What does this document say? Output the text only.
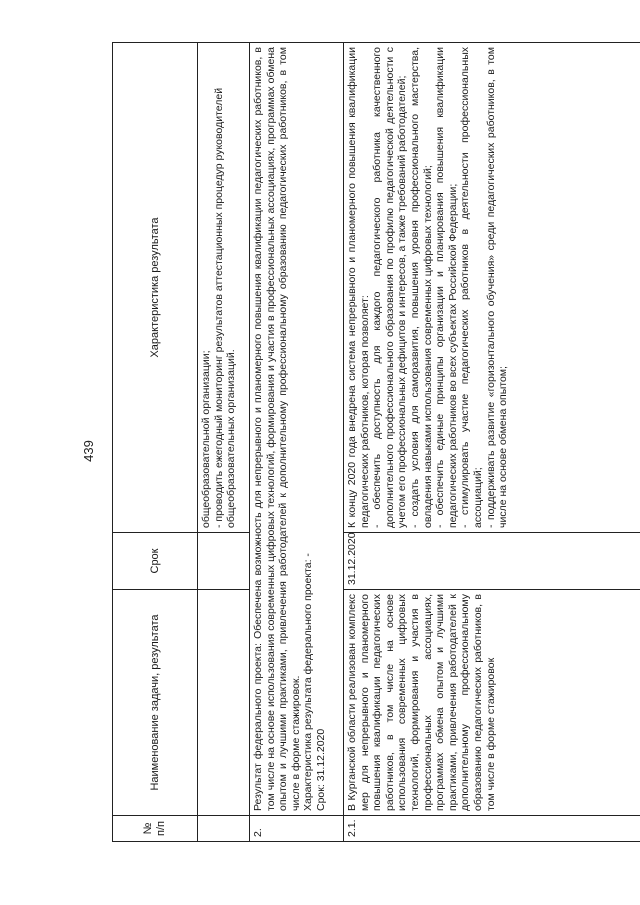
439
№ п/п
Наименование задачи, результата
Срок
Характеристика результата
общеобразовательной организации; - проводить ежегодный мониторинг результатов аттестационных процедур руководителей общеобразовательных организаций.
2.
Результат федерального проекта: Обеспечена возможность для непрерывного и планомерного повышения квалификации педагогических работников, в том числе на основе использования современных цифровых технологий, формирования и участия в профессиональных ассоциациях, программах обмена опытом и лучшими практиками, привлечения работодателей к дополнительному профессиональному образованию педагогических работников, в том числе в форме стажировок. Характеристика результата федерального проекта: - Срок: 31.12.2020
2.1.
В Курганской области реализован комплекс мер для непрерывного и планомерного повышения квалификации педагогических работников, в том числе на основе использования современных цифровых технологий, формирования и участия в профессиональных ассоциациях, программах обмена опытом и лучшими практиками, привлечения работодателей к дополнительному профессиональному образованию педагогических работников, в том числе в форме стажировок
31.12.2020
К концу 2020 года внедрена система непрерывного и планомерного повышения квалификации педагогических работников, которая позволяет: - обеспечить доступность для каждого педагогического работника качественного дополнительного профессионального образования по профилю педагогической деятельности с учетом его профессиональных дефицитов и интересов, а также требований работодателей; - создать условия для саморазвития, повышения уровня профессионального мастерства, овладения навыками использования современных цифровых технологий; - обеспечить единые принципы организации и планирования повышения квалификации педагогических работников во всех субъектах Российской Федерации; - стимулировать участие педагогических работников в деятельности профессиональных ассоциаций; - поддерживать развитие «горизонтального обучения» среди педагогических работников, в том числе на основе обмена опытом;
